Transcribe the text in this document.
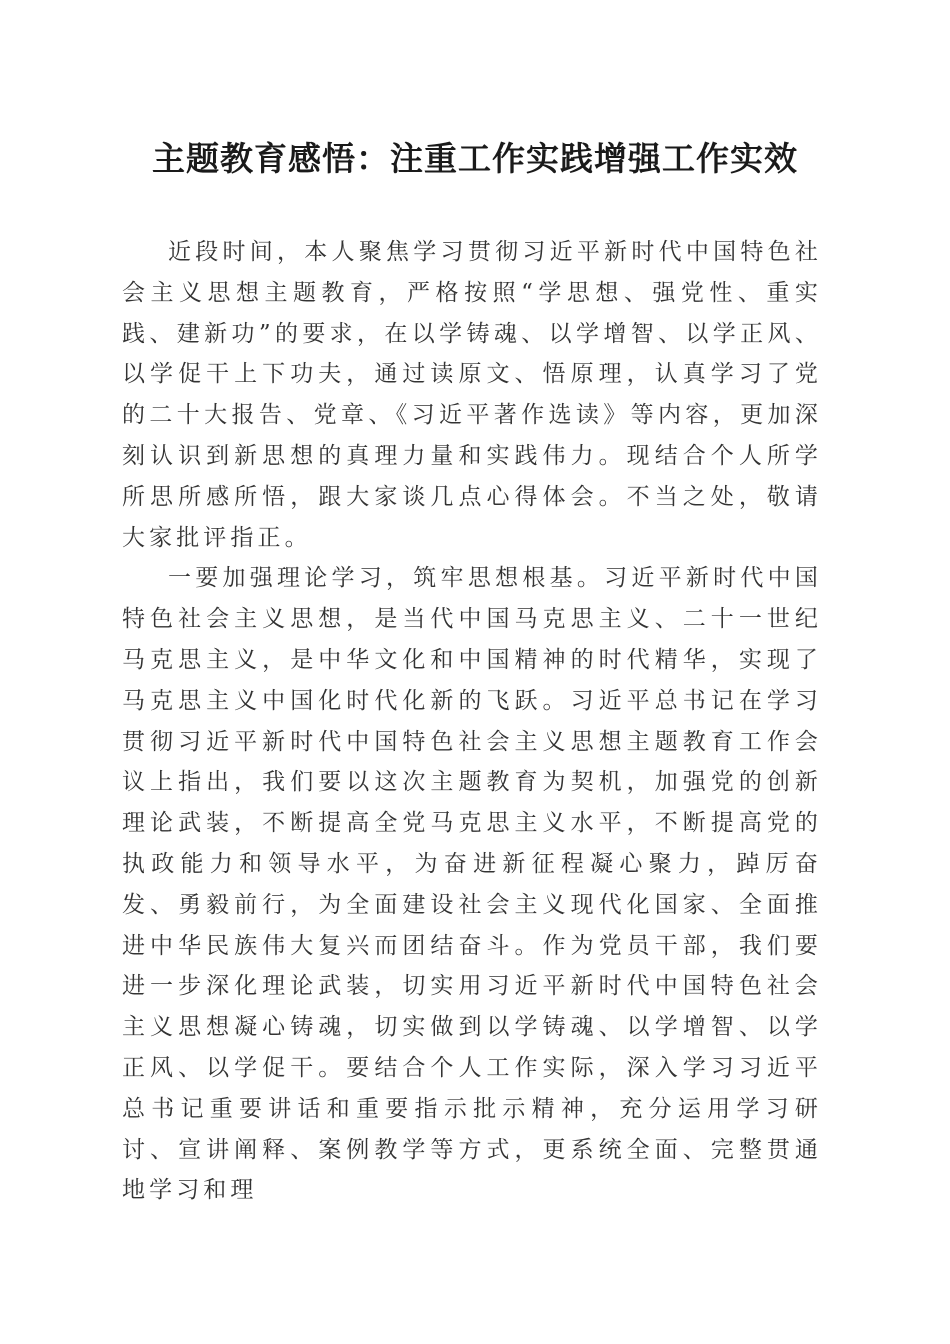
主题教育感悟：注重工作实践增强工作实效

近段时间，本人聚焦学习贯彻习近平新时代中国特色社会主义思想主题教育，严格按照“学思想、强党性、重实践、建新功”的要求，在以学铸魂、以学增智、以学正风、以学促干上下功夫，通过读原文、悟原理，认真学习了党的二十大报告、党章、《习近平著作选读》等内容，更加深刻认识到新思想的真理力量和实践伟力。现结合个人所学所思所感所悟，跟大家谈几点心得体会。不当之处，敬请大家批评指正。

一要加强理论学习，筑牢思想根基。习近平新时代中国特色社会主义思想，是当代中国马克思主义、二十一世纪马克思主义，是中华文化和中国精神的时代精华，实现了马克思主义中国化时代化新的飞跃。习近平总书记在学习贯彻习近平新时代中国特色社会主义思想主题教育工作会议上指出，我们要以这次主题教育为契机，加强党的创新理论武装，不断提高全党马克思主义水平，不断提高党的执政能力和领导水平，为奋进新征程凝心聚力，踔厉奋发、勇毅前行，为全面建设社会主义现代化国家、全面推进中华民族伟大复兴而团结奋斗。作为党员干部，我们要进一步深化理论武装，切实用习近平新时代中国特色社会主义思想凝心铸魂，切实做到以学铸魂、以学增智、以学正风、以学促干。要结合个人工作实际，深入学习习近平总书记重要讲话和重要指示批示精神，充分运用学习研讨、宣讲阐释、案例教学等方式，更系统全面、完整贯通地学习和理
